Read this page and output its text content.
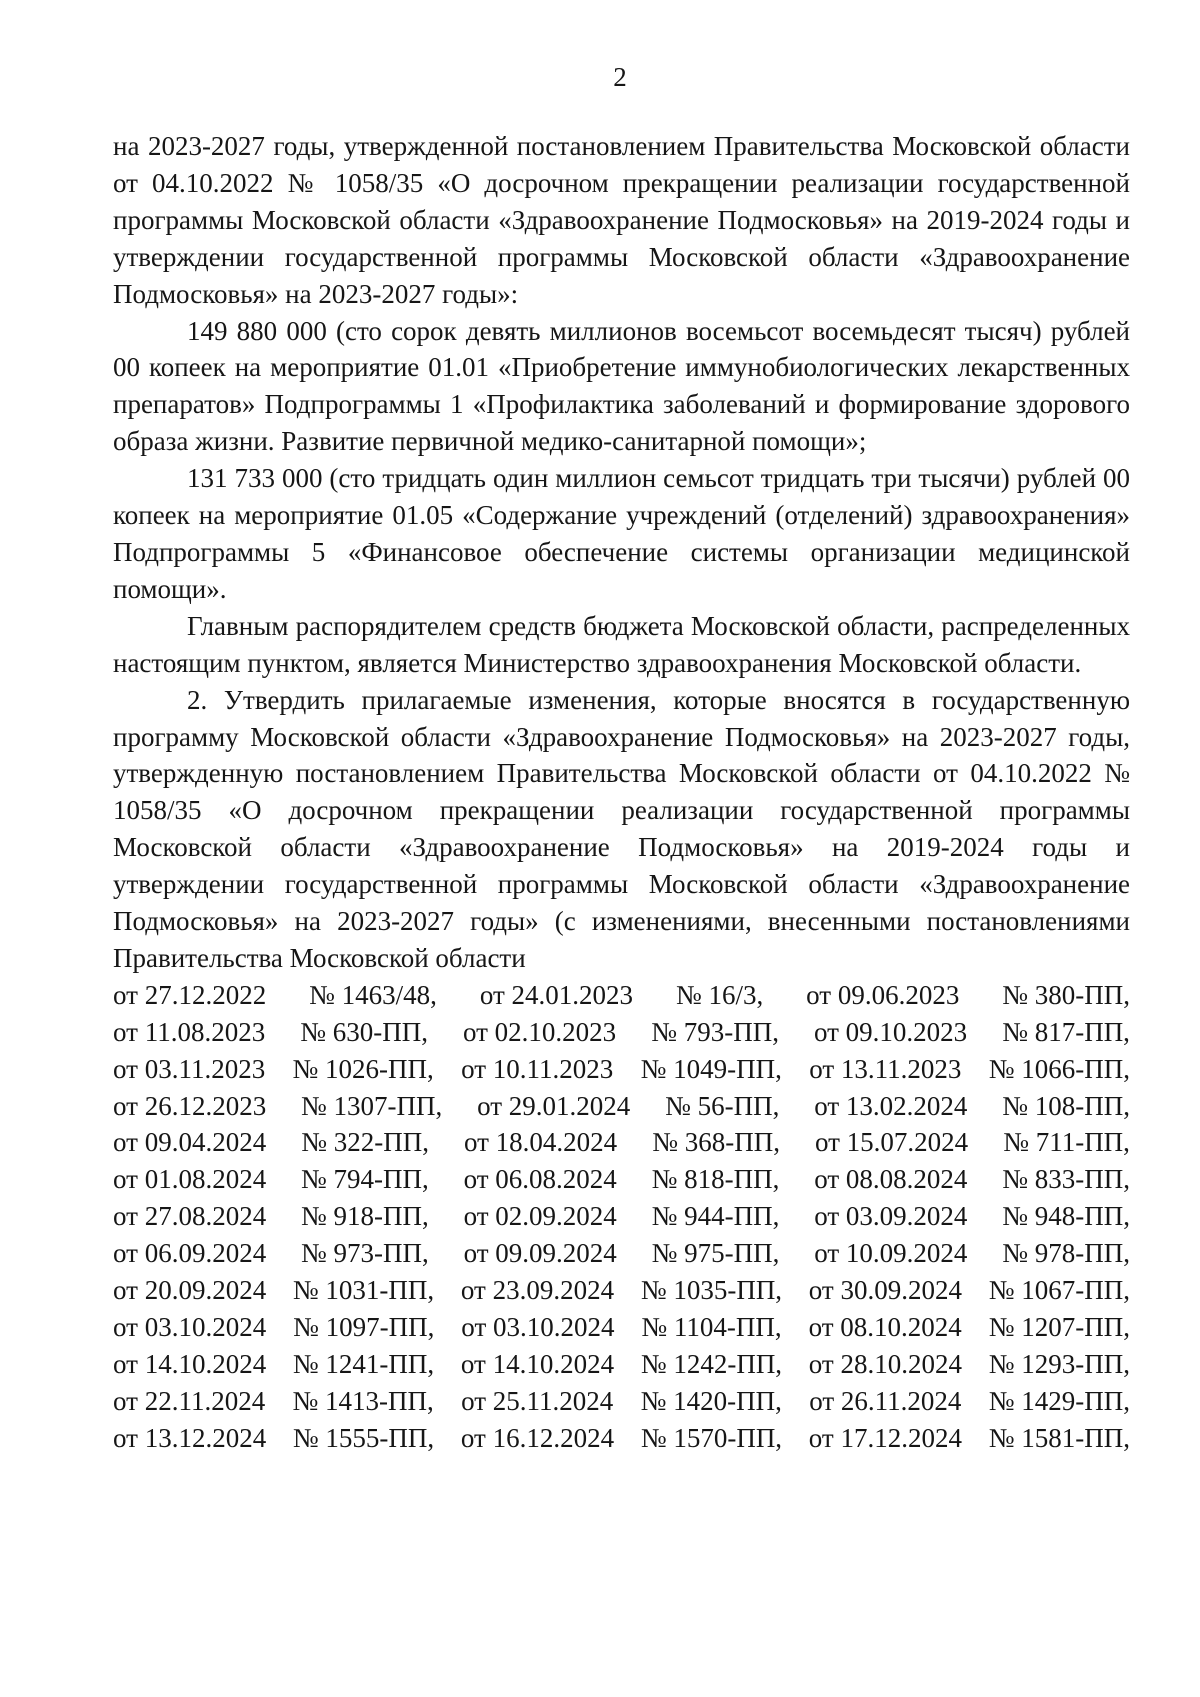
2

на 2023-2027 годы, утвержденной постановлением Правительства Московской области от 04.10.2022 № 1058/35 «О досрочном прекращении реализации государственной программы Московской области «Здравоохранение Подмосковья» на 2019-2024 годы и утверждении государственной программы Московской области «Здравоохранение Подмосковья» на 2023-2027 годы»:

149 880 000 (сто сорок девять миллионов восемьсот восемьдесят тысяч) рублей 00 копеек на мероприятие 01.01 «Приобретение иммунобиологических лекарственных препаратов» Подпрограммы 1 «Профилактика заболеваний и формирование здорового образа жизни. Развитие первичной медико-санитарной помощи»;

131 733 000 (сто тридцать один миллион семьсот тридцать три тысячи) рублей 00 копеек на мероприятие 01.05 «Содержание учреждений (отделений) здравоохранения» Подпрограммы 5 «Финансовое обеспечение системы организации медицинской помощи».

Главным распорядителем средств бюджета Московской области, распределенных настоящим пунктом, является Министерство здравоохранения Московской области.

2. Утвердить прилагаемые изменения, которые вносятся в государственную программу Московской области «Здравоохранение Подмосковья» на 2023-2027 годы, утвержденную постановлением Правительства Московской области от 04.10.2022 № 1058/35 «О досрочном прекращении реализации государственной программы Московской области «Здравоохранение Подмосковья» на 2019-2024 годы и утверждении государственной программы Московской области «Здравоохранение Подмосковья» на 2023-2027 годы» (с изменениями, внесенными постановлениями Правительства Московской области

от 27.12.2022 № 1463/48, от 24.01.2023 № 16/3, от 09.06.2023 № 380-ПП,
от 11.08.2023 № 630-ПП, от 02.10.2023 № 793-ПП, от 09.10.2023 № 817-ПП,
от 03.11.2023 № 1026-ПП, от 10.11.2023 № 1049-ПП, от 13.11.2023 № 1066-ПП,
от 26.12.2023 № 1307-ПП, от 29.01.2024 № 56-ПП, от 13.02.2024 № 108-ПП,
от 09.04.2024 № 322-ПП, от 18.04.2024 № 368-ПП, от 15.07.2024 № 711-ПП,
от 01.08.2024 № 794-ПП, от 06.08.2024 № 818-ПП, от 08.08.2024 № 833-ПП,
от 27.08.2024 № 918-ПП, от 02.09.2024 № 944-ПП, от 03.09.2024 № 948-ПП,
от 06.09.2024 № 973-ПП, от 09.09.2024 № 975-ПП, от 10.09.2024 № 978-ПП,
от 20.09.2024 № 1031-ПП, от 23.09.2024 № 1035-ПП, от 30.09.2024 № 1067-ПП,
от 03.10.2024 № 1097-ПП, от 03.10.2024 № 1104-ПП, от 08.10.2024 № 1207-ПП,
от 14.10.2024 № 1241-ПП, от 14.10.2024 № 1242-ПП, от 28.10.2024 № 1293-ПП,
от 22.11.2024 № 1413-ПП, от 25.11.2024 № 1420-ПП, от 26.11.2024 № 1429-ПП,
от 13.12.2024 № 1555-ПП, от 16.12.2024 № 1570-ПП, от 17.12.2024 № 1581-ПП,
